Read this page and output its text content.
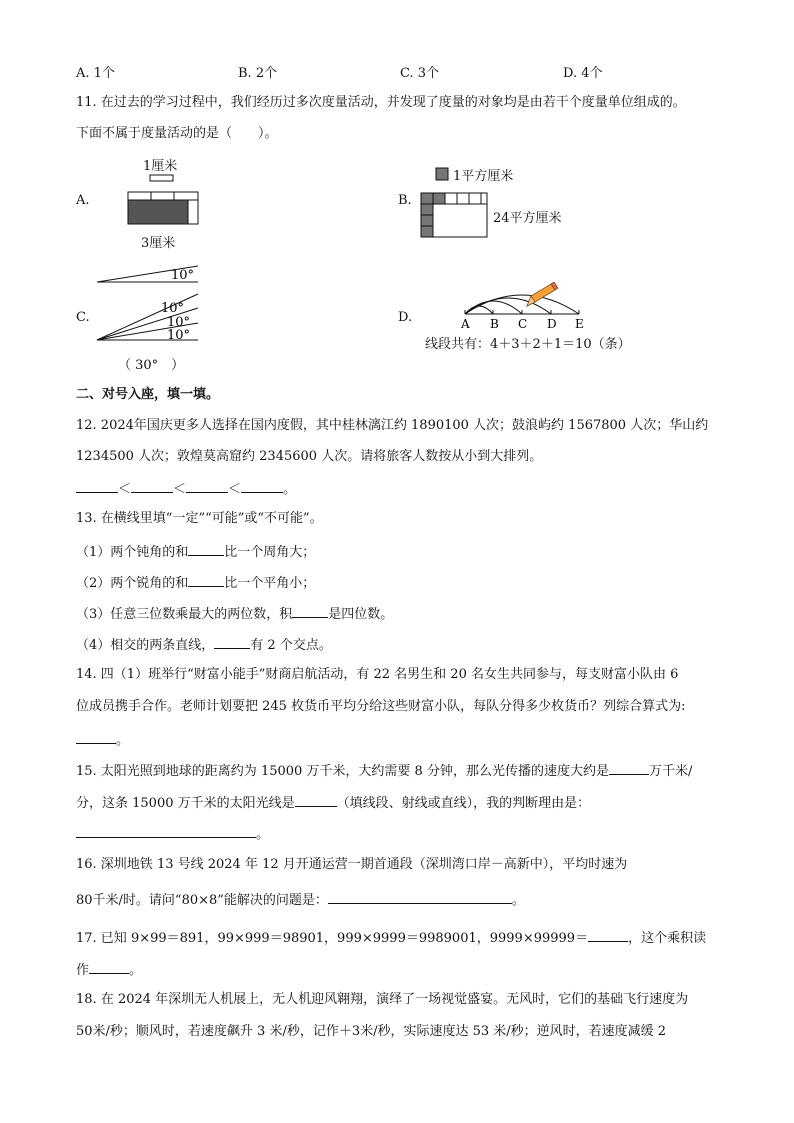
A. 1个	B. 2个	C. 3个	D. 4个
11. 在过去的学习过程中，我们经历过多次度量活动，并发现了度量的对象均是由若干个度量单位组成的。
下面不属于度量活动的是（　　）。
A.
1厘米
3厘米
B.
1平方厘米
24平方厘米
10°
C.
10°
10°
10°
（ 30°　）
D.	A B C D E
线段共有：4＋3＋2＋1＝10（条）
二、对号入座，填一填。
12. 2024年国庆更多人选择在国内度假，其中桂林漓江约 1890100 人次；鼓浪屿约 1567800 人次；华山约
1234500 人次；敦煌莫高窟约 2345600 人次。请将旅客人数按从小到大排列。
＜	＜	＜	。
13. 在横线里填“一定”“可能”或“不可能”。
（1）两个钝角的和	比一个周角大；
（2）两个锐角的和	比一个平角小；
（3）任意三位数乘最大的两位数，积	是四位数。
（4）相交的两条直线，	有 2 个交点。
14. 四（1）班举行“财富小能手”财商启航活动，有 22 名男生和 20 名女生共同参与，每支财富小队由 6
位成员携手合作。老师计划要把 245 枚货币平均分给这些财富小队，每队分得多少枚货币？列综合算式为:
。
15. 太阳光照到地球的距离约为 15000 万千米，大约需要 8 分钟，那么光传播的速度大约是	万千米/
分，这条 15000 万千米的太阳光线是	（填线段、射线或直线），我的判断理由是：
。
16. 深圳地铁 13 号线 2024 年 12 月开通运营一期首通段（深圳湾口岸－高新中），平均时速为
80千米/时。请问“80×8”能解决的问题是：	。
17. 已知 9×99＝891，99×999＝98901，999×9999＝9989001，9999×99999＝	，这个乘积读
作	。
18. 在 2024 年深圳无人机展上，无人机迎风翱翔，演绎了一场视觉盛宴。无风时，它们的基础飞行速度为
50米/秒；顺风时，若速度飙升 3 米/秒，记作＋3米/秒，实际速度达 53 米/秒；逆风时，若速度减缓 2
